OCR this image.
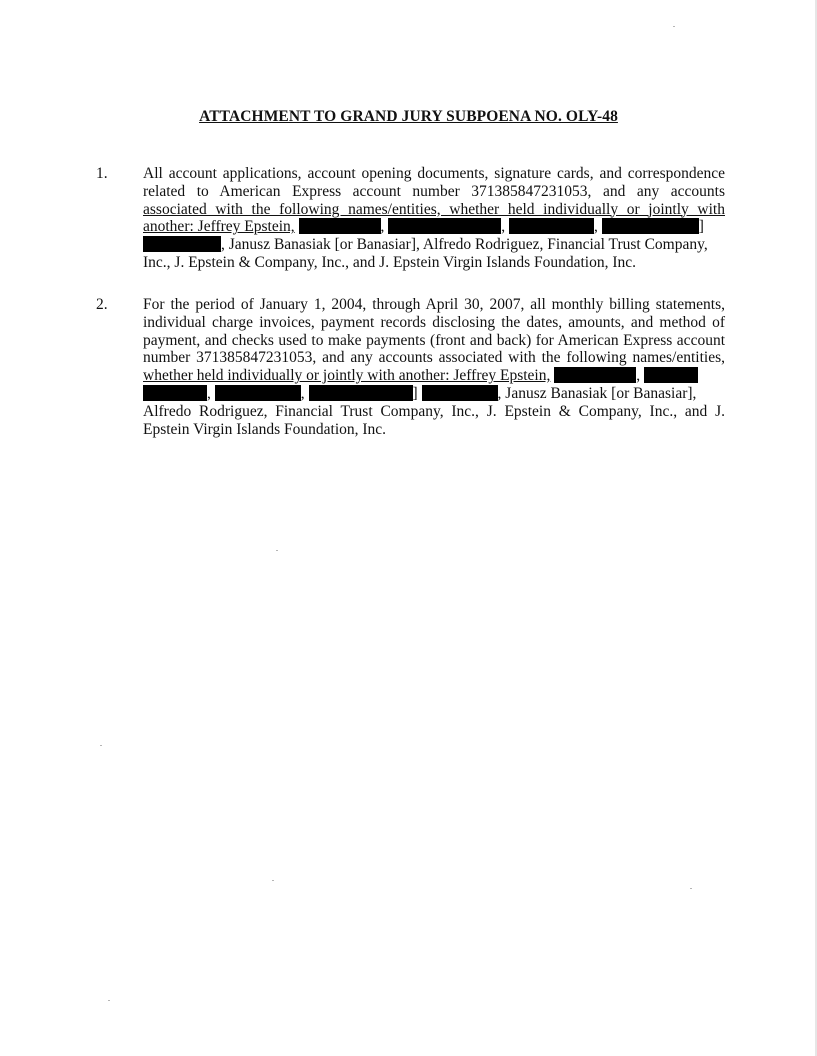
ATTACHMENT TO GRAND JURY SUBPOENA NO. OLY-48
1. All account applications, account opening documents, signature cards, and correspondence
related to American Express account number 371385847231053, and any accounts
associated with the following names/entities, whether held individually or jointly with
another: Jeffrey Epstein,	,	,	,	]
, Janusz Banasiak [or Banasiar], Alfredo Rodriguez, Financial Trust Company,
Inc., J. Epstein & Company, Inc., and J. Epstein Virgin Islands Foundation, Inc.
2. For the period of January 1, 2004, through April 30, 2007, all monthly billing statements,
individual charge invoices, payment records disclosing the dates, amounts, and method of
payment, and checks used to make payments (front and back) for American Express account
number 371385847231053, and any accounts associated with the following names/entities,
whether held individually or jointly with another: Jeffrey Epstein,	,
,	,	]	, Janusz Banasiak [or Banasiar],
Alfredo Rodriguez, Financial Trust Company, Inc., J. Epstein & Company, Inc., and J.
Epstein Virgin Islands Foundation, Inc.
